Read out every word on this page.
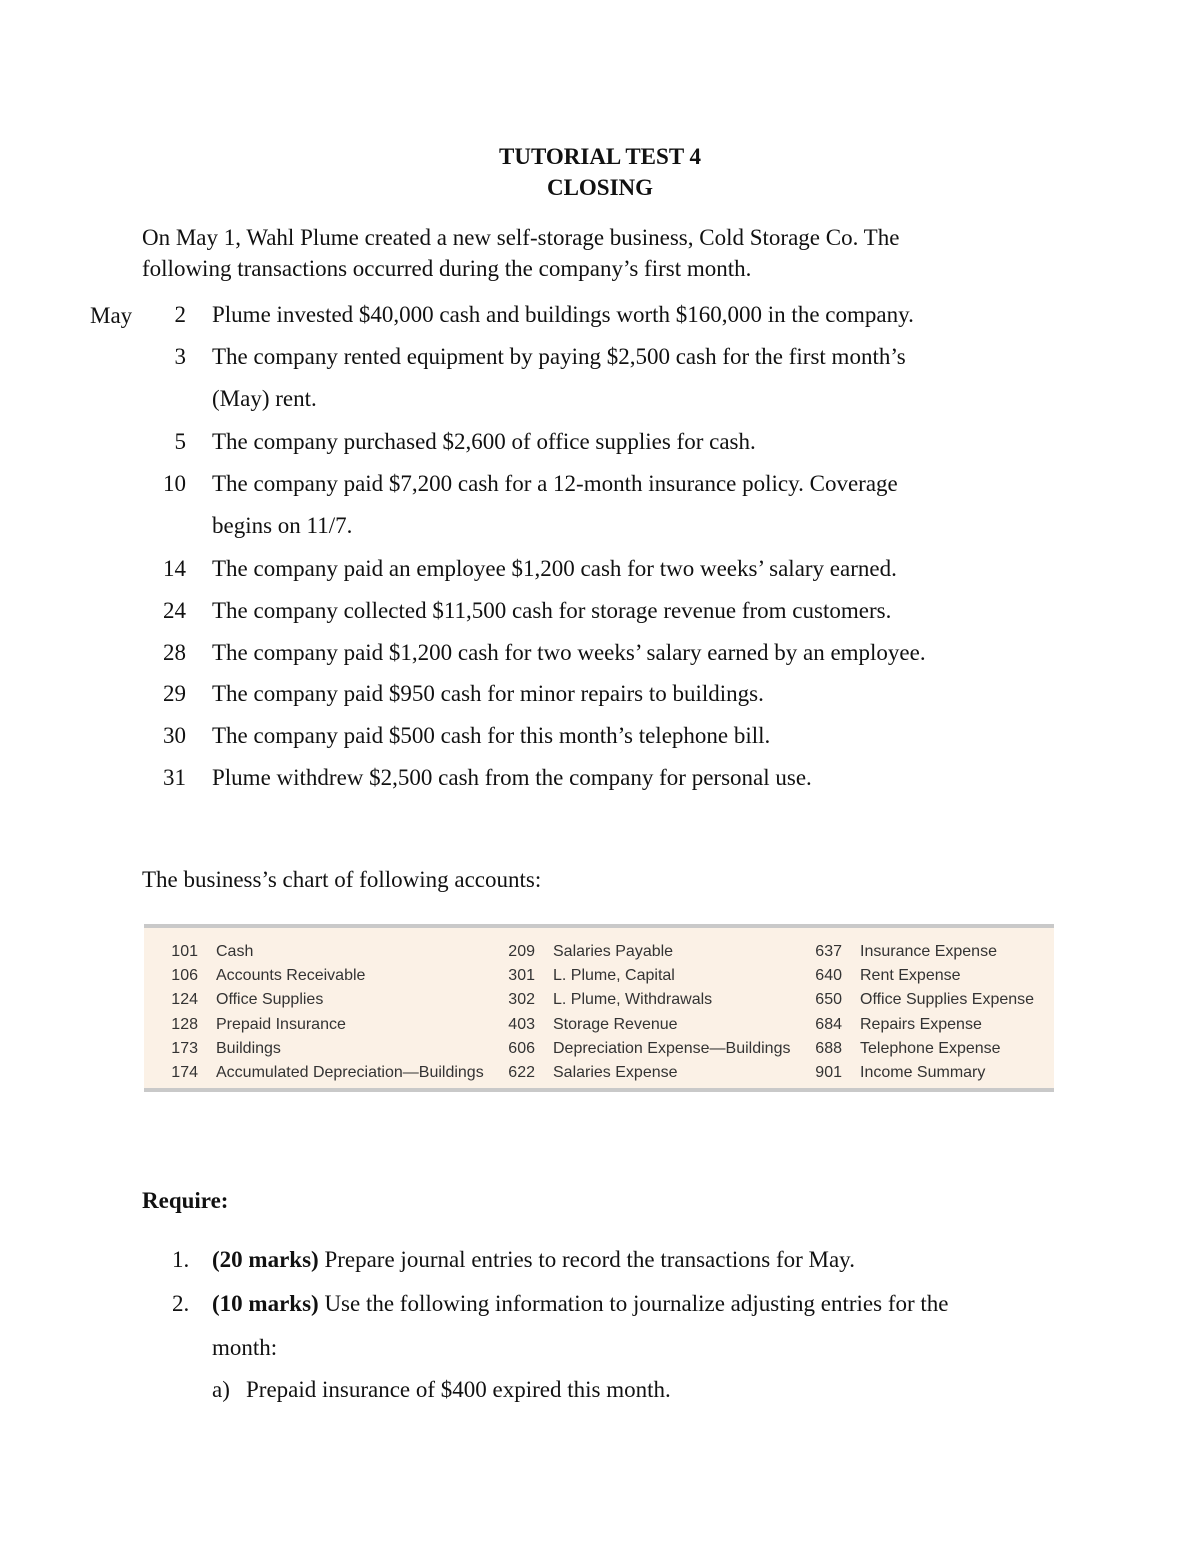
TUTORIAL TEST 4
CLOSING
On May 1, Wahl Plume created a new self-storage business, Cold Storage Co. The
following transactions occurred during the company’s first month.
May	2 Plume invested $40,000 cash and buildings worth $160,000 in the company.
3 The company rented equipment by paying $2,500 cash for the first month’s
(May) rent.
5 The company purchased $2,600 of office supplies for cash.
10 The company paid $7,200 cash for a 12-month insurance policy. Coverage
begins on 11/7.
14 The company paid an employee $1,200 cash for two weeks’ salary earned.
24 The company collected $11,500 cash for storage revenue from customers.
28 The company paid $1,200 cash for two weeks’ salary earned by an employee.
29 The company paid $950 cash for minor repairs to buildings.
30 The company paid $500 cash for this month’s telephone bill.
31 Plume withdrew $2,500 cash from the company for personal use.
The business’s chart of following accounts:
101 Cash
106 Accounts Receivable
124 Office Supplies
128 Prepaid Insurance
173 Buildings
174 Accumulated Depreciation—Buildings
209 Salaries Payable
301 L. Plume, Capital
302 L. Plume, Withdrawals
403 Storage Revenue
606 Depreciation Expense—Buildings
622 Salaries Expense
637 Insurance Expense
640 Rent Expense
650 Office Supplies Expense
684 Repairs Expense
688 Telephone Expense
901 Income Summary
Require:
1. (20 marks) Prepare journal entries to record the transactions for May.
2. (10 marks) Use the following information to journalize adjusting entries for the
month:
a) Prepaid insurance of $400 expired this month.
